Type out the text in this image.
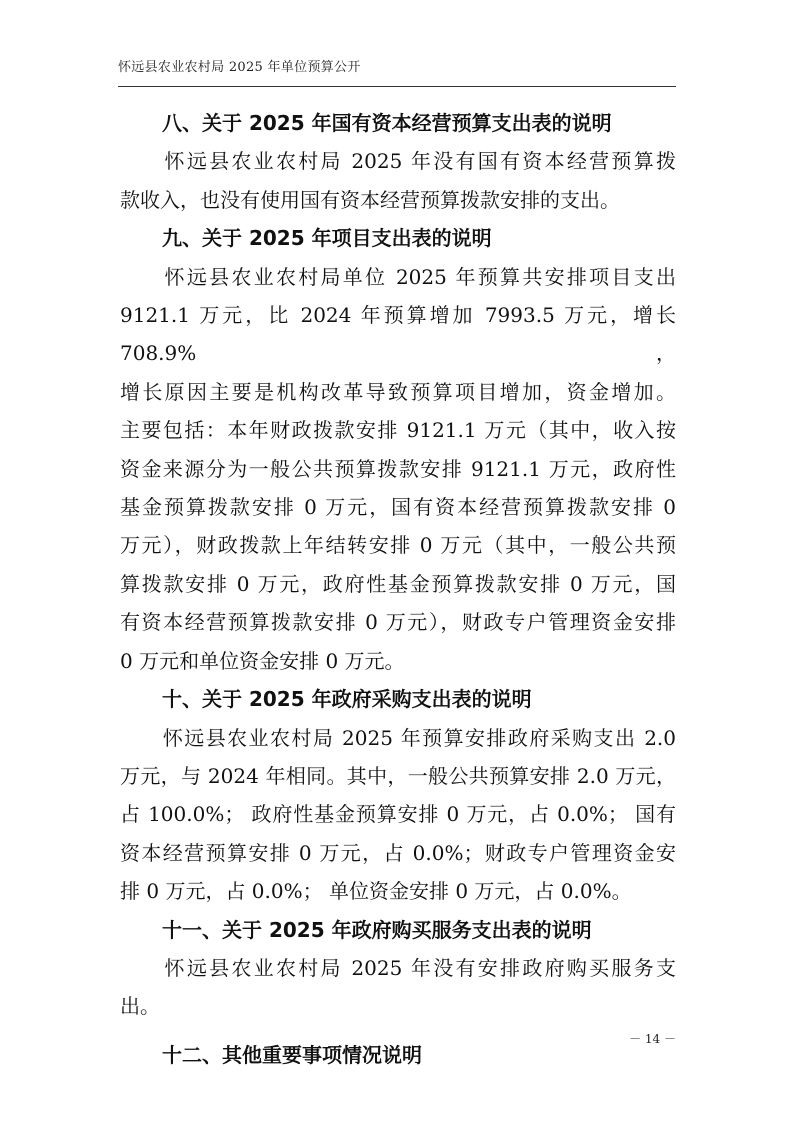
怀远县农业农村局 2025 年单位预算公开

八、关于 2025 年国有资本经营预算支出表的说明

　　怀远县农业农村局 2025 年没有国有资本经营预算拨

款收入，也没有使用国有资本经营预算拨款安排的支出。

九、关于 2025 年项目支出表的说明

　　怀远县农业农村局单位 2025 年预算共安排项目支出

9121.1 万元，比 2024 年预算增加 7993.5 万元，增长 708.9%，

增长原因主要是机构改革导致预算项目增加，资金增加。

主要包括：本年财政拨款安排 9121.1 万元（其中，收入按

资金来源分为一般公共预算拨款安排 9121.1 万元，政府性

基金预算拨款安排 0 万元，国有资本经营预算拨款安排 0

万元），财政拨款上年结转安排 0 万元（其中，一般公共预

算拨款安排 0 万元，政府性基金预算拨款安排 0 万元，国

有资本经营预算拨款安排 0 万元），财政专户管理资金安排

0 万元和单位资金安排 0 万元。

十、关于 2025 年政府采购支出表的说明

　　怀远县农业农村局 2025 年预算安排政府采购支出 2.0

万元，与 2024 年相同。其中，一般公共预算安排 2.0 万元，

占 100.0%； 政府性基金预算安排 0 万元，占 0.0%； 国有

资本经营预算安排 0 万元，占 0.0%；财政专户管理资金安

排 0 万元，占 0.0%； 单位资金安排 0 万元，占 0.0%。

十一、关于 2025 年政府购买服务支出表的说明

　　怀远县农业农村局 2025 年没有安排政府购买服务支

出。

十二、其他重要事项情况说明

－ 14 －
